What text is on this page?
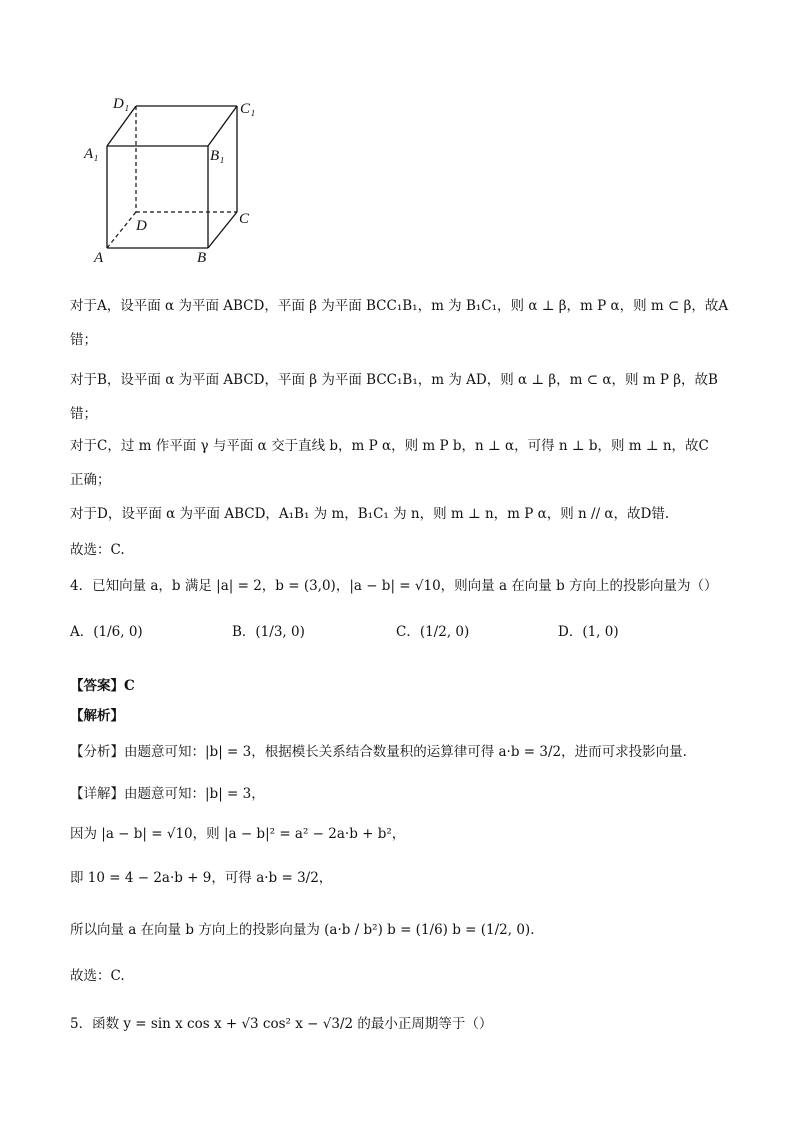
D₁	C₁
A₁	B₁
D	C
A	B
对于A，设平面 α 为平面 ABCD，平面 β 为平面 BCC₁B₁，m 为 B₁C₁，则 α ⊥ β，m P α，则 m ⊂ β，故A
错；
对于B，设平面 α 为平面 ABCD，平面 β 为平面 BCC₁B₁，m 为 AD，则 α ⊥ β，m ⊂ α，则 m P β，故B
错；
对于C，过 m 作平面 γ 与平面 α 交于直线 b，m P α，则 m P b，n ⊥ α，可得 n ⊥ b，则 m ⊥ n，故C
正确；
对于D，设平面 α 为平面 ABCD，A₁B₁ 为 m，B₁C₁ 为 n，则 m ⊥ n，m P α，则 n // α，故D错.
故选：C.
4．已知向量 a，b 满足 |a| = 2，b = (3,0)，|a − b| = √10，则向量 a 在向量 b 方向上的投影向量为（）
A．(1/6, 0)	B．(1/3, 0)	C．(1/2, 0)	D．(1, 0)
【答案】C
【解析】
【分析】由题意可知：|b| = 3，根据模长关系结合数量积的运算律可得 a·b = 3/2，进而可求投影向量.
【详解】由题意可知：|b| = 3，
因为 |a − b| = √10，则 |a − b|² = a² − 2a·b + b²，
即 10 = 4 − 2a·b + 9，可得 a·b = 3/2，
所以向量 a 在向量 b 方向上的投影向量为 (a·b / b²) b = (1/6) b = (1/2, 0).
故选：C.
5．函数 y = sin x cos x + √3 cos² x − √3/2 的最小正周期等于（）
